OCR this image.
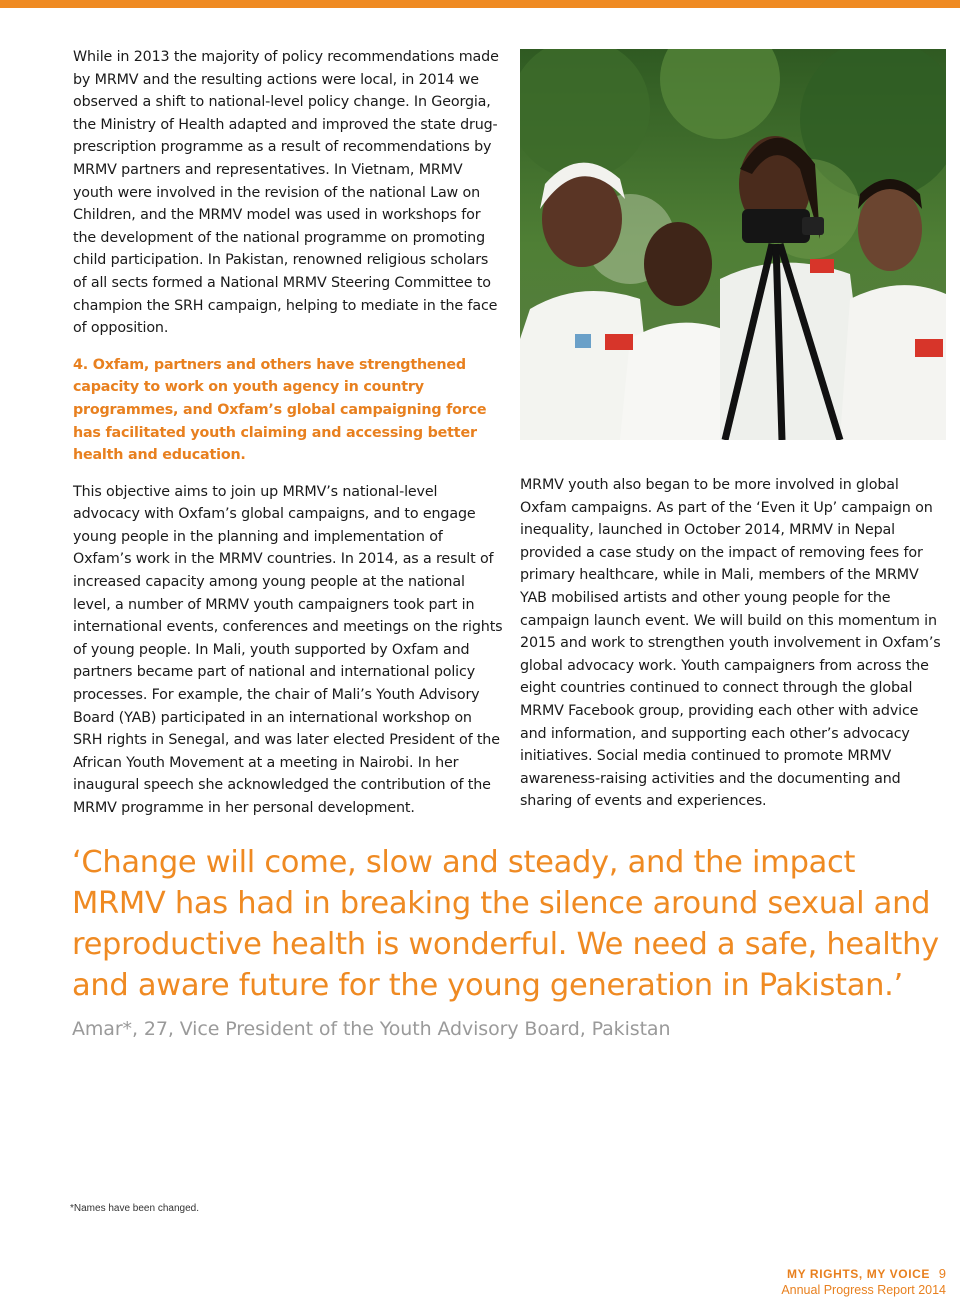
While in 2013 the majority of policy recommendations made by MRMV and the resulting actions were local, in 2014 we observed a shift to national-level policy change. In Georgia, the Ministry of Health adapted and improved the state drug-prescription programme as a result of recommendations by MRMV partners and representatives. In Vietnam, MRMV youth were involved in the revision of the national Law on Children, and the MRMV model was used in workshops for the development of the national programme on promoting child participation. In Pakistan, renowned religious scholars of all sects formed a National MRMV Steering Committee to champion the SRH campaign, helping to mediate in the face of opposition.

4. Oxfam, partners and others have strengthened capacity to work on youth agency in country programmes, and Oxfam’s global campaigning force has facilitated youth claiming and accessing better health and education.

This objective aims to join up MRMV’s national-level advocacy with Oxfam’s global campaigns, and to engage young people in the planning and implementation of Oxfam’s work in the MRMV countries. In 2014, as a result of increased capacity among young people at the national level, a number of MRMV youth campaigners took part in international events, conferences and meetings on the rights of young people. In Mali, youth supported by Oxfam and partners became part of national and international policy processes. For example, the chair of Mali’s Youth Advisory Board (YAB) participated in an international workshop on SRH rights in Senegal, and was later elected President of the African Youth Movement at a meeting in Nairobi. In her inaugural speech she acknowledged the contribution of the MRMV programme in her personal development.

MRMV youth also began to be more involved in global Oxfam campaigns. As part of the ‘Even it Up’ campaign on inequality, launched in October 2014, MRMV in Nepal provided a case study on the impact of removing fees for primary healthcare, while in Mali, members of the MRMV YAB mobilised artists and other young people for the campaign launch event. We will build on this momentum in 2015 and work to strengthen youth involvement in Oxfam’s global advocacy work. Youth campaigners from across the eight countries continued to connect through the global MRMV Facebook group, providing each other with advice and information, and supporting each other’s advocacy initiatives. Social media continued to promote MRMV awareness-raising activities and the documenting and sharing of events and experiences.

‘Change will come, slow and steady, and the impact MRMV has had in breaking the silence around sexual and reproductive health is wonderful. We need a safe, healthy and aware future for the young generation in Pakistan.’

Amar*, 27, Vice President of the Youth Advisory Board, Pakistan

*Names have been changed.
MY RIGHTS, MY VOICE 9
Annual Progress Report 2014
